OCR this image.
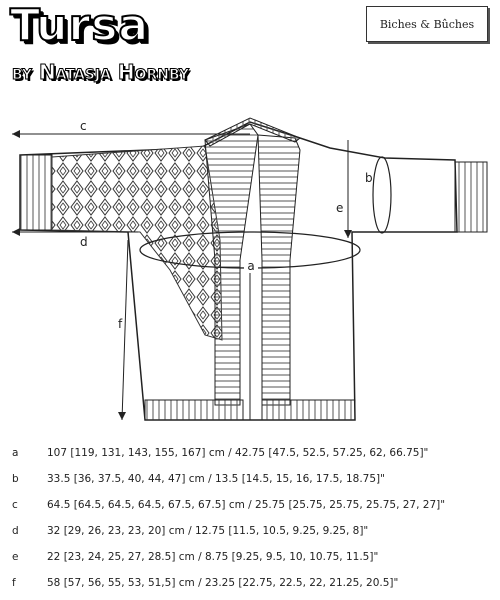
Tursa
by Natasja Hornby
Biches & Bûches
a
b
c
d
e
f
a	107 [119, 131, 143, 155, 167] cm / 42.75 [47.5, 52.5, 57.25, 62, 66.75]"
b	33.5 [36, 37.5, 40, 44, 47] cm / 13.5 [14.5, 15, 16, 17.5, 18.75]"
c	64.5 [64.5, 64.5, 64.5, 67.5, 67.5] cm / 25.75 [25.75, 25.75, 25.75, 27, 27]"
d	32 [29, 26, 23, 23, 20] cm / 12.75 [11.5, 10.5, 9.25, 9.25, 8]"
e	22 [23, 24, 25, 27, 28.5] cm / 8.75 [9.25, 9.5, 10, 10.75, 11.5]"
f	58 [57, 56, 55, 53, 51,5] cm / 23.25 [22.75, 22.5, 22, 21.25, 20.5]"
